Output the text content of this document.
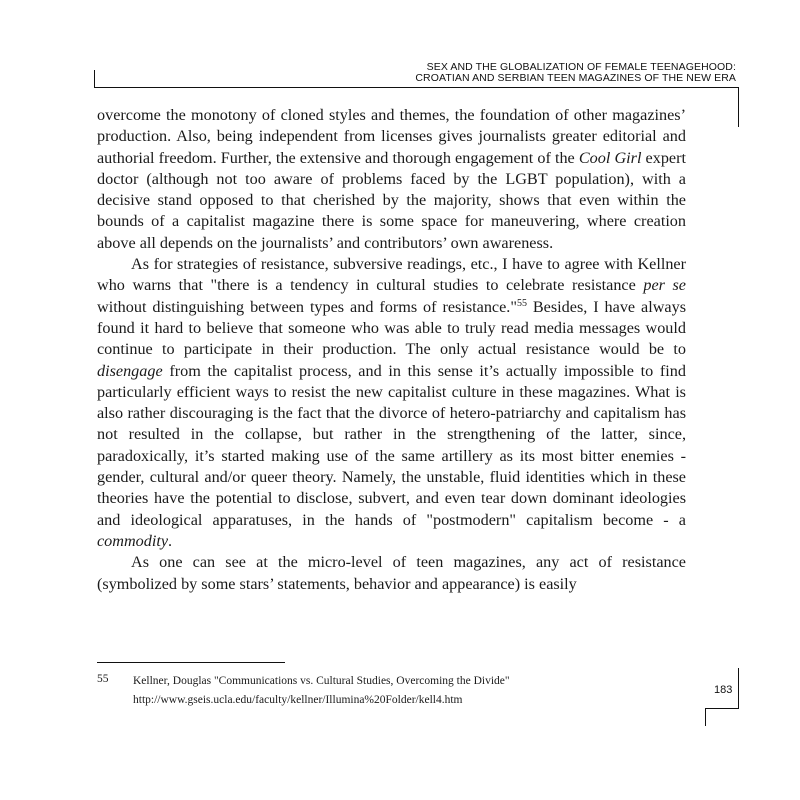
SEX AND THE GLOBALIZATION OF FEMALE TEENAGEHOOD:
CROATIAN AND SERBIAN TEEN MAGAZINES OF THE NEW ERA

overcome the monotony of cloned styles and themes, the foundation of other magazines’ production. Also, being independent from licenses gives journalists greater editorial and authorial freedom. Further, the extensive and thorough engagement of the Cool Girl expert doctor (although not too aware of problems faced by the LGBT population), with a decisive stand opposed to that cherished by the majority, shows that even within the bounds of a capitalist magazine there is some space for maneuvering, where creation above all depends on the journalists’ and contributors’ own awareness.

As for strategies of resistance, subversive readings, etc., I have to agree with Kellner who warns that "there is a tendency in cultural studies to celebrate resistance per se without distinguishing between types and forms of resistance."$^{55}$ Besides, I have always found it hard to believe that someone who was able to truly read media messages would continue to participate in their production. The only actual resistance would be to disengage from the capitalist process, and in this sense it’s actually impossible to find particularly efficient ways to resist the new capitalist culture in these magazines. What is also rather discouraging is the fact that the divorce of hetero-patriarchy and capitalism has not resulted in the collapse, but rather in the strengthening of the latter, since, paradoxically, it’s started making use of the same artillery as its most bitter enemies - gender, cultural and/or queer theory. Namely, the unstable, fluid identities which in these theories have the potential to disclose, subvert, and even tear down dominant ideologies and ideological apparatuses, in the hands of "postmodern" capitalism become - a commodity.

As one can see at the micro-level of teen magazines, any act of resistance (symbolized by some stars’ statements, behavior and appearance) is easily

55 Kellner, Douglas "Communications vs. Cultural Studies, Overcoming the Divide"
http://www.gseis.ucla.edu/faculty/kellner/Illumina%20Folder/kell4.htm
183
